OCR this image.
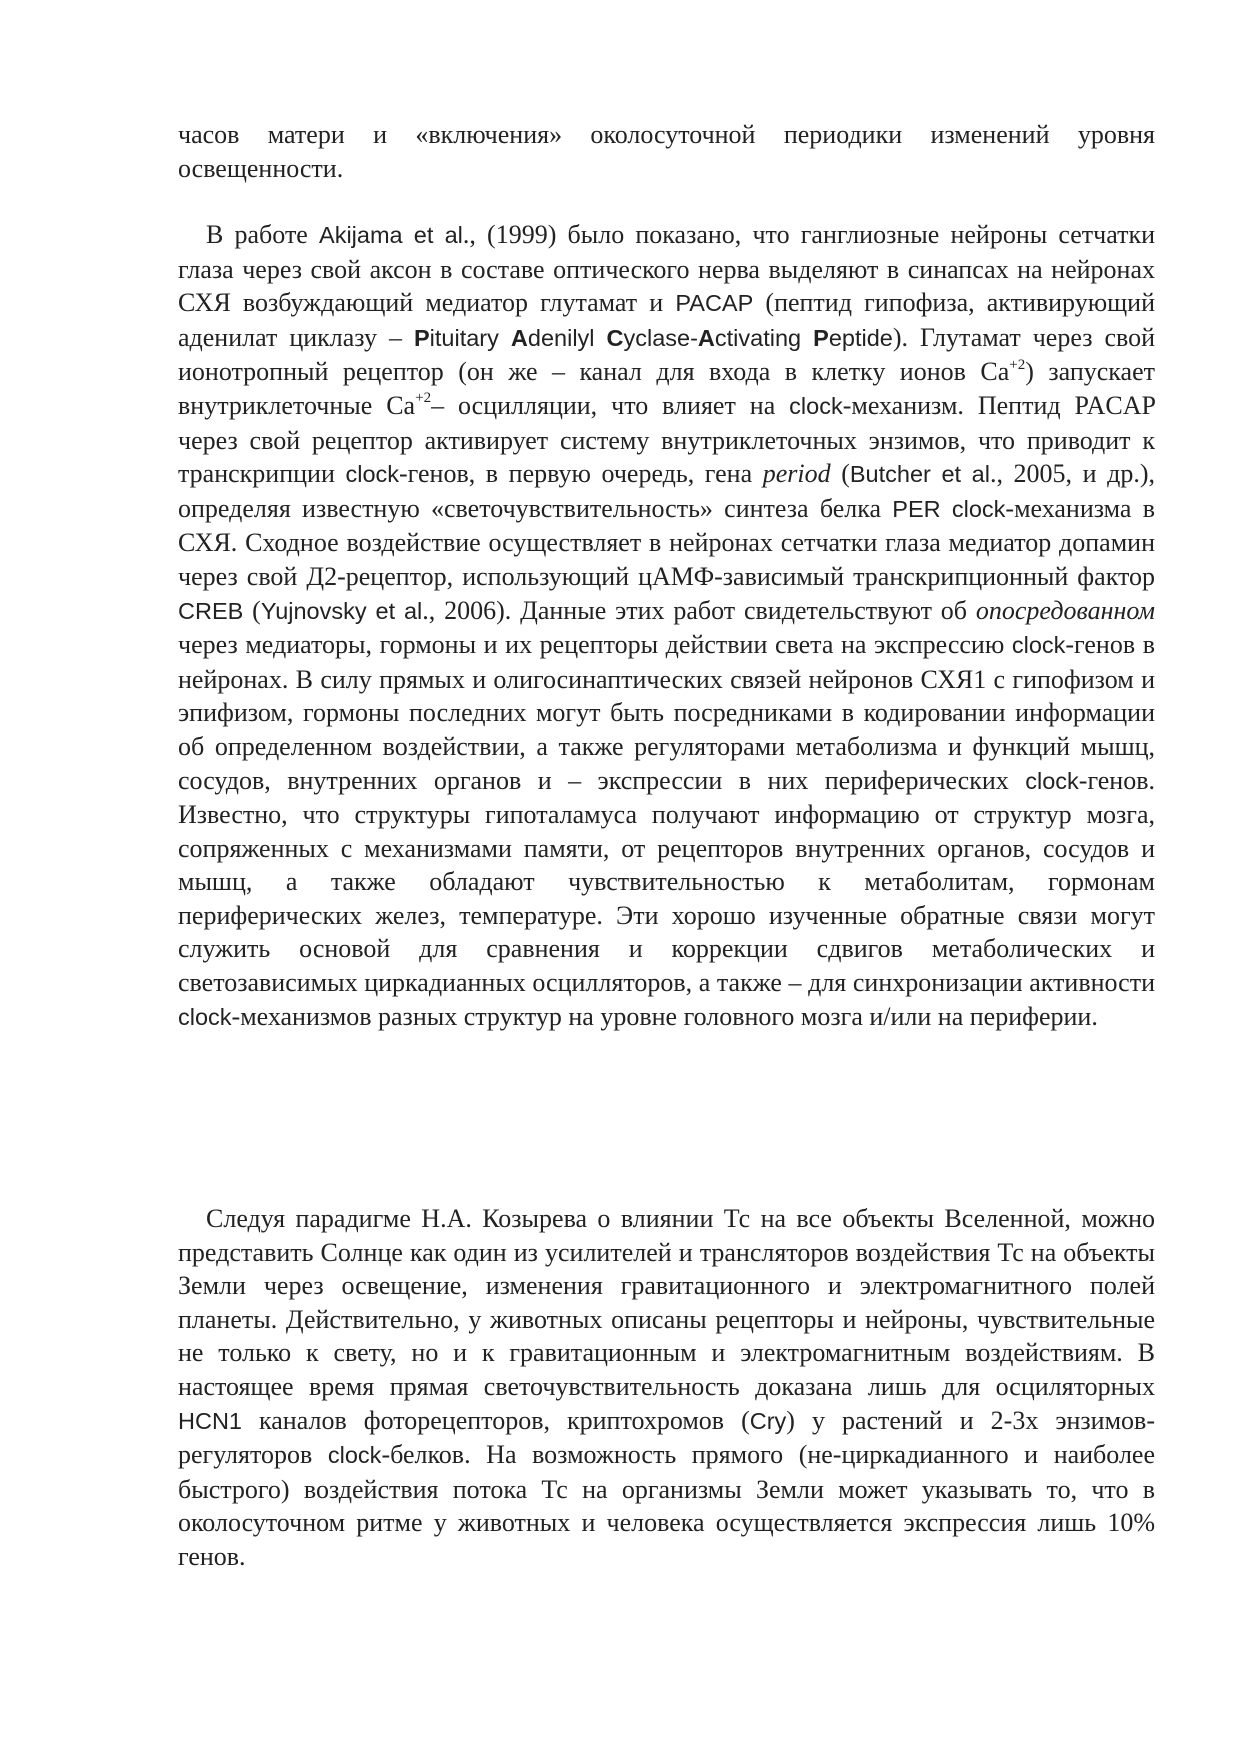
часов матери и «включения» околосуточной периодики изменений уровня освещенности.
В работе Akijama et al., (1999) было показано, что ганглиозные нейроны сетчатки глаза через свой аксон в составе оптического нерва выделяют в синапсах на нейронах СХЯ возбуждающий медиатор глутамат и PACAP (пептид гипофиза, активирующий аденилат циклазу – Pituitary Adenilyl Cyclase-Activating Peptide). Глутамат через свой ионотропный рецептор (он же – канал для входа в клетку ионов $Са^{+2}$) запускает внутриклеточные $Са^{+2}-$ осцилляции, что влияет на clock-механизм. Пептид PACAP через свой рецептор активирует систему внутриклеточных энзимов, что приводит к транскрипции clock-генов, в первую очередь, гена period (Butcher et al., 2005, и др.), определяя известную «светочувствительность» синтеза белка PER clock-механизма в СХЯ. Сходное воздействие осуществляет в нейронах сетчатки глаза медиатор допамин через свой Д2-рецептор, использующий цАМФ-зависимый транскрипционный фактор CREB (Yujnovsky et al., 2006). Данные этих работ свидетельствуют об опосредованном через медиаторы, гормоны и их рецепторы действии света на экспрессию clock-генов в нейронах. В силу прямых и олигосинаптических связей нейронов СХЯ1 с гипофизом и эпифизом, гормоны последних могут быть посредниками в кодировании информации об определенном воздействии, а также регуляторами метаболизма и функций мышц, сосудов, внутренних органов и – экспрессии в них периферических clock-генов. Известно, что структуры гипоталамуса получают информацию от структур мозга, сопряженных с механизмами памяти, от рецепторов внутренних органов, сосудов и мышц, а также обладают чувствительностью к метаболитам, гормонам периферических желез, температуре. Эти хорошо изученные обратные связи могут служить основой для сравнения и коррекции сдвигов метаболических и светозависимых циркадианных осцилляторов, а также – для синхронизации активности clock-механизмов разных структур на уровне головного мозга и/или на периферии.
Следуя парадигме Н.А. Козырева о влиянии Тс на все объекты Вселенной, можно представить Солнце как один из усилителей и трансляторов воздействия Тс на объекты Земли через освещение, изменения гравитационного и электромагнитного полей планеты. Действительно, у животных описаны рецепторы и нейроны, чувствительные не только к свету, но и к гравитационным и электромагнитным воздействиям. В настоящее время прямая светочувствительность доказана лишь для осциляторных HCN1 каналов фоторецепторов, криптохромов (Cry) у растений и 2-3х энзимов-регуляторов clock-белков. На возможность прямого (не-циркадианного и наиболее быстрого) воздействия потока Тс на организмы Земли может указывать то, что в околосуточном ритме у животных и человека осуществляется экспрессия лишь 10% генов.
